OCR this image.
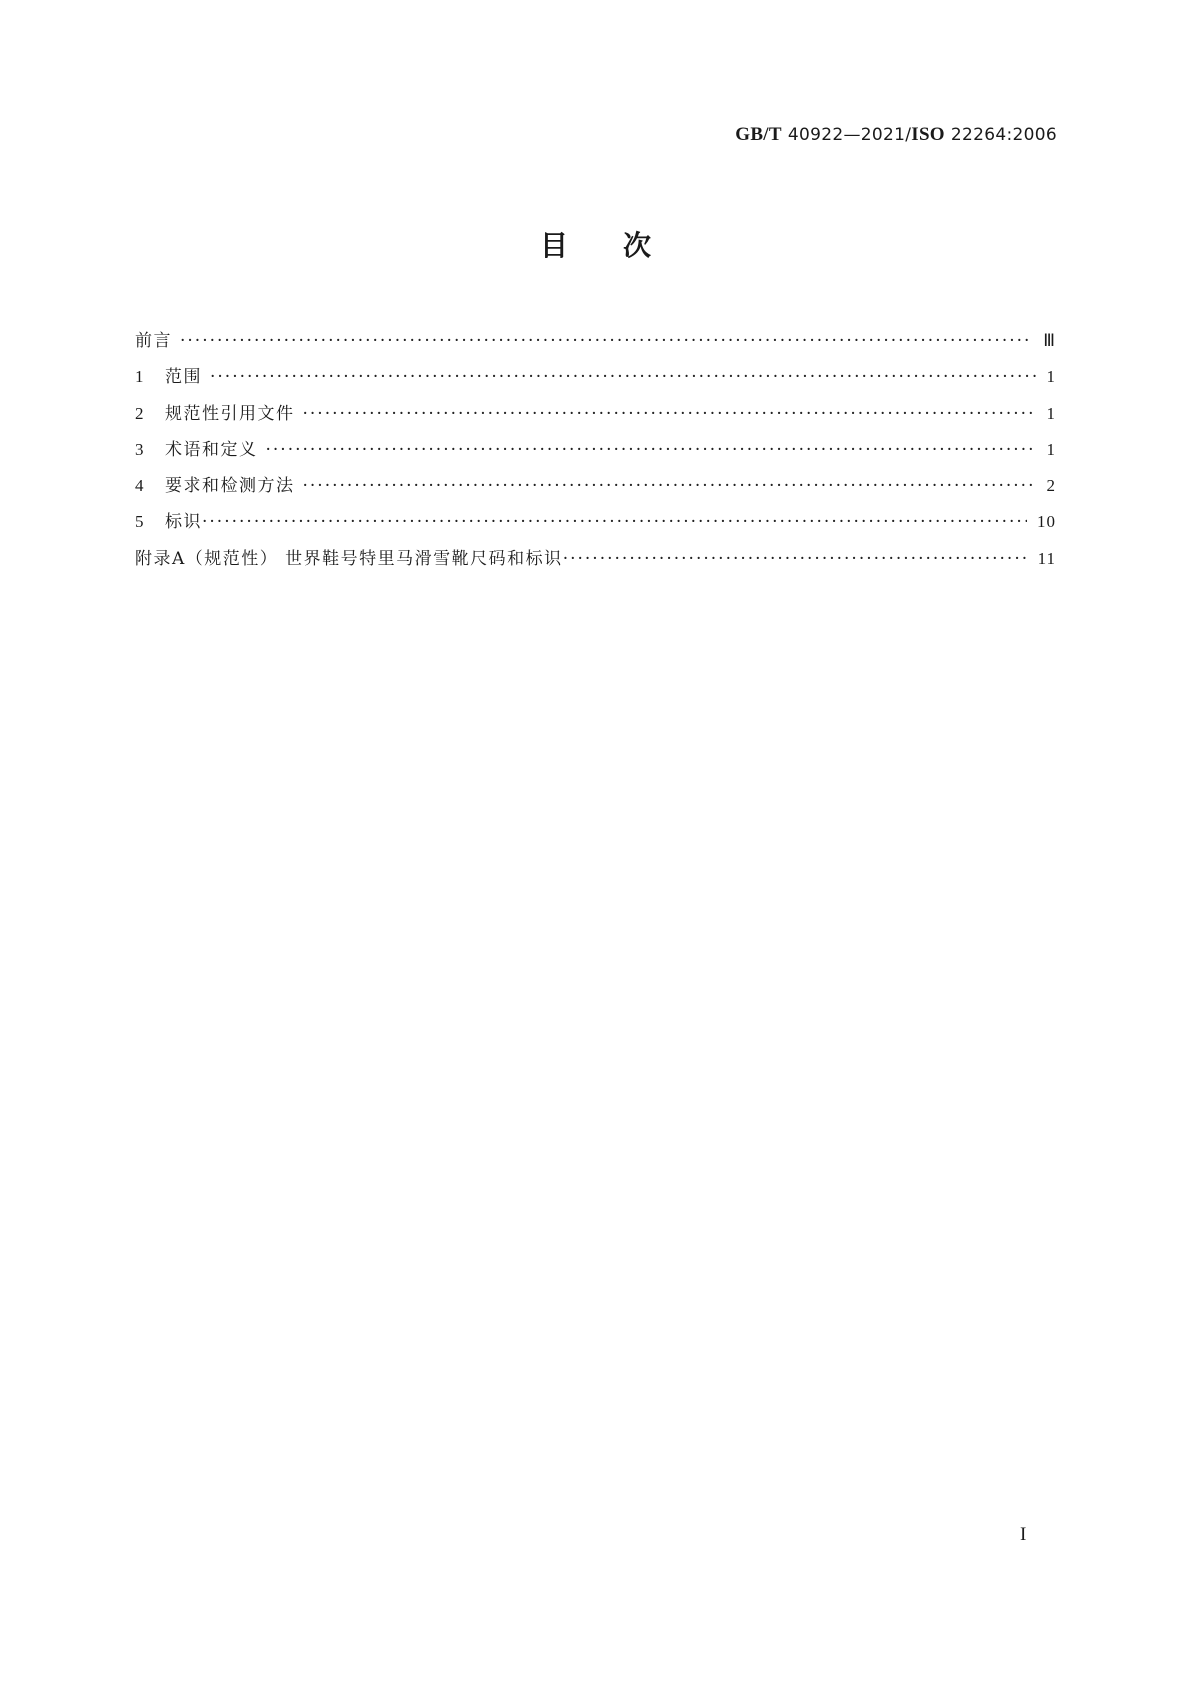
GB/T 40922—2021/ISO 22264:2006
目次
前言 ·····	Ⅲ
1	范围 ·····	1
2	规范性引用文件 ·····	1
3	术语和定义 ·····	1
4	要求和检测方法 ·····	2
5	标识 ·····	10
附录A（规范性） 世界鞋号特里马滑雪靴尺码和标识 ·····	11
I
